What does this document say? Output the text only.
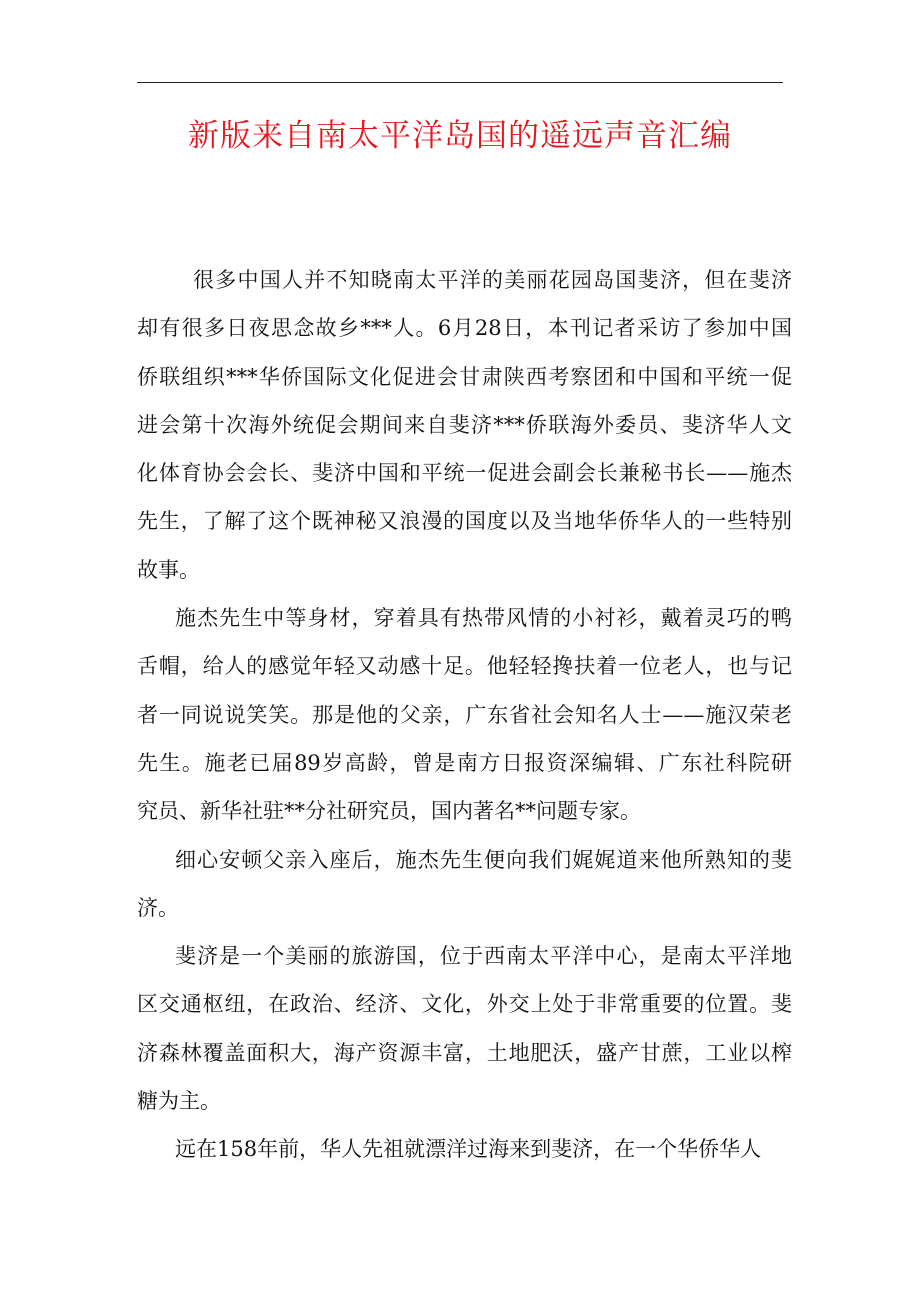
新版来自南太平洋岛国的遥远声音汇编
很多中国人并不知晓南太平洋的美丽花园岛国斐济，但在斐济
却有很多日夜思念故乡***人。6月28日，本刊记者采访了参加中国
侨联组织***华侨国际文化促进会甘肃陕西考察团和中国和平统一促
进会第十次海外统促会期间来自斐济***侨联海外委员、斐济华人文
化体育协会会长、斐济中国和平统一促进会副会长兼秘书长——施杰
先生，了解了这个既神秘又浪漫的国度以及当地华侨华人的一些特别
故事。
施杰先生中等身材，穿着具有热带风情的小衬衫，戴着灵巧的鸭
舌帽，给人的感觉年轻又动感十足。他轻轻搀扶着一位老人，也与记
者一同说说笑笑。那是他的父亲，广东省社会知名人士——施汉荣老
先生。施老已届89岁高龄，曾是南方日报资深编辑、广东社科院研
究员、新华社驻**分社研究员，国内著名**问题专家。
细心安顿父亲入座后，施杰先生便向我们娓娓道来他所熟知的斐
济。
斐济是一个美丽的旅游国，位于西南太平洋中心，是南太平洋地
区交通枢纽，在政治、经济、文化，外交上处于非常重要的位置。斐
济森林覆盖面积大，海产资源丰富，土地肥沃，盛产甘蔗，工业以榨
糖为主。
远在158年前，华人先祖就漂洋过海来到斐济，在一个华侨华人
